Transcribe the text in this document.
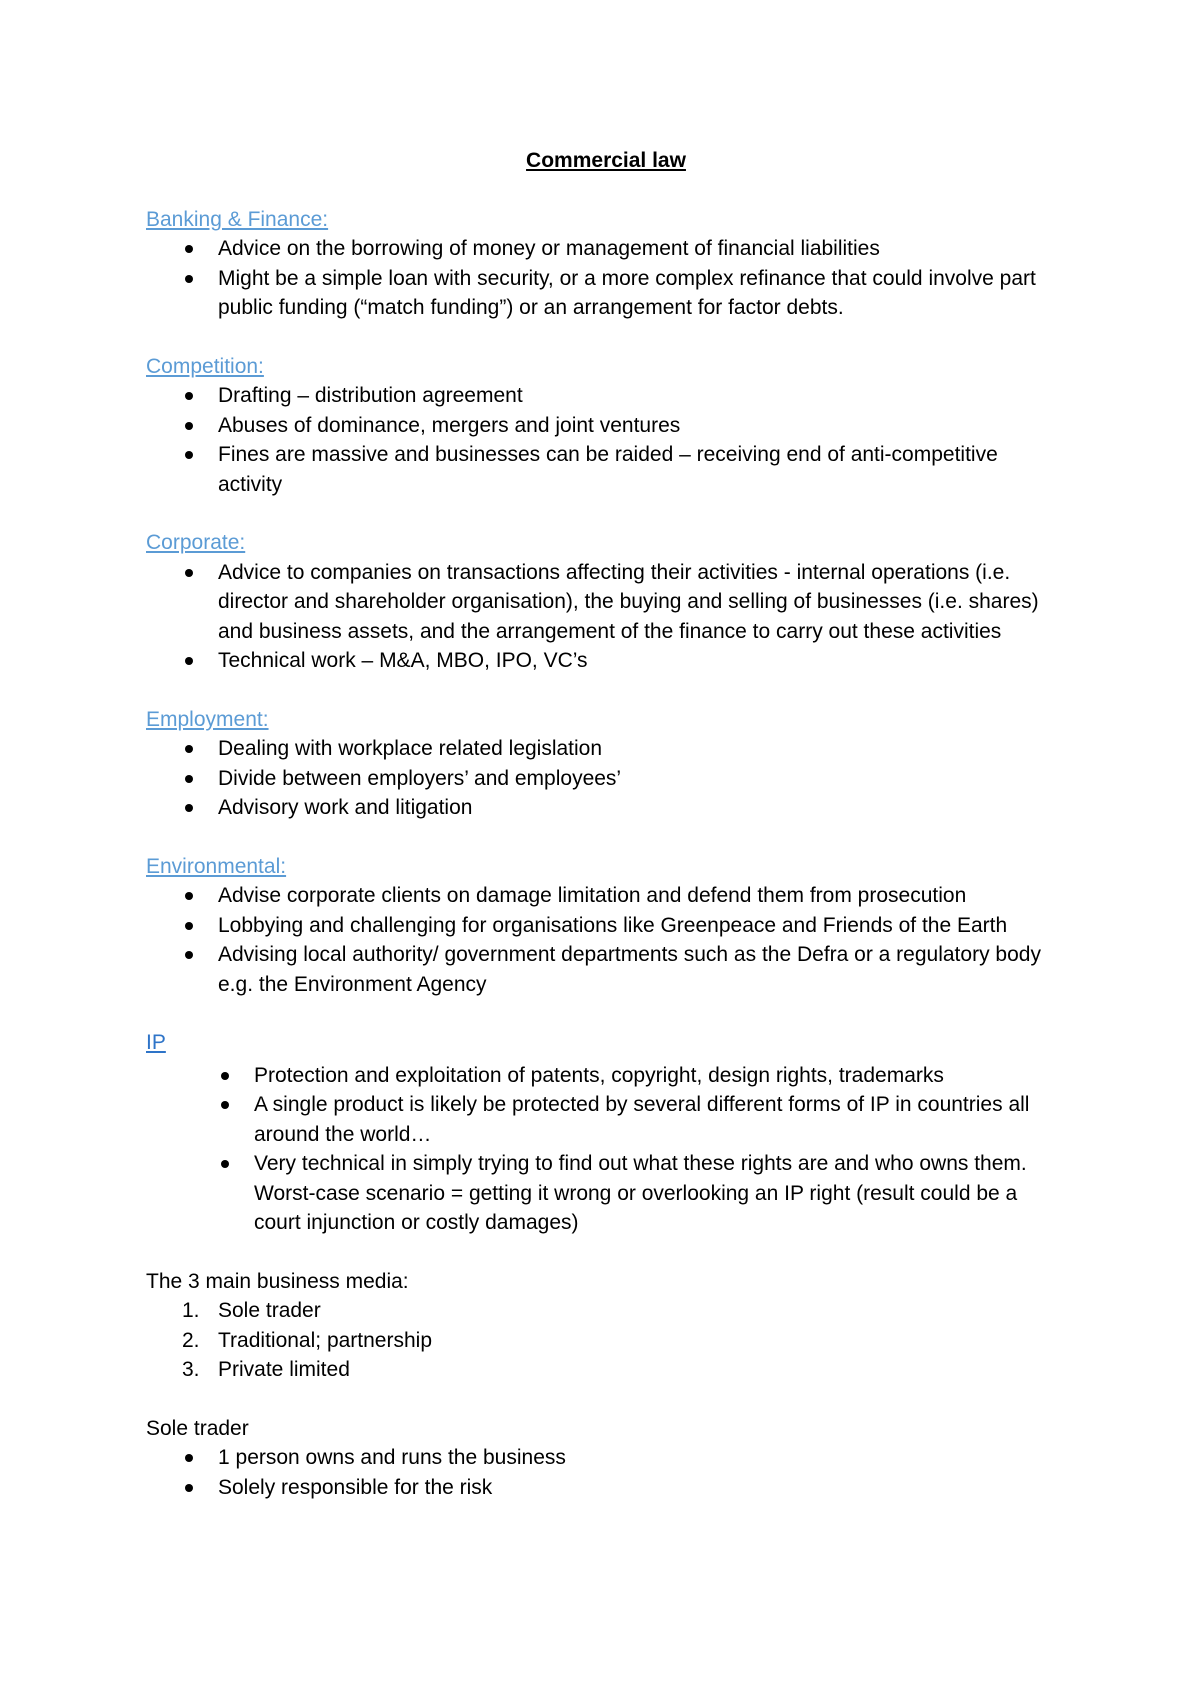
Commercial law

Banking & Finance:

Advice on the borrowing of money or management of financial liabilities
Might be a simple loan with security, or a more complex refinance that could involve part public funding (“match funding”) or an arrangement for factor debts.

Competition:

Drafting – distribution agreement
Abuses of dominance, mergers and joint ventures
Fines are massive and businesses can be raided – receiving end of anti-competitive activity

Corporate:

Advice to companies on transactions affecting their activities - internal operations (i.e. director and shareholder organisation), the buying and selling of businesses (i.e. shares) and business assets, and the arrangement of the finance to carry out these activities
Technical work – M&A, MBO, IPO, VC’s

Employment:

Dealing with workplace related legislation
Divide between employers’ and employees’
Advisory work and litigation

Environmental:

Advise corporate clients on damage limitation and defend them from prosecution
Lobbying and challenging for organisations like Greenpeace and Friends of the Earth
Advising local authority/ government departments such as the Defra or a regulatory body e.g. the Environment Agency

IP

Protection and exploitation of patents, copyright, design rights, trademarks
A single product is likely be protected by several different forms of IP in countries all around the world…
Very technical in simply trying to find out what these rights are and who owns them. Worst-case scenario = getting it wrong or overlooking an IP right (result could be a court injunction or costly damages)

The 3 main business media:

1. Sole trader
2. Traditional; partnership
3. Private limited

Sole trader

1 person owns and runs the business
Solely responsible for the risk
